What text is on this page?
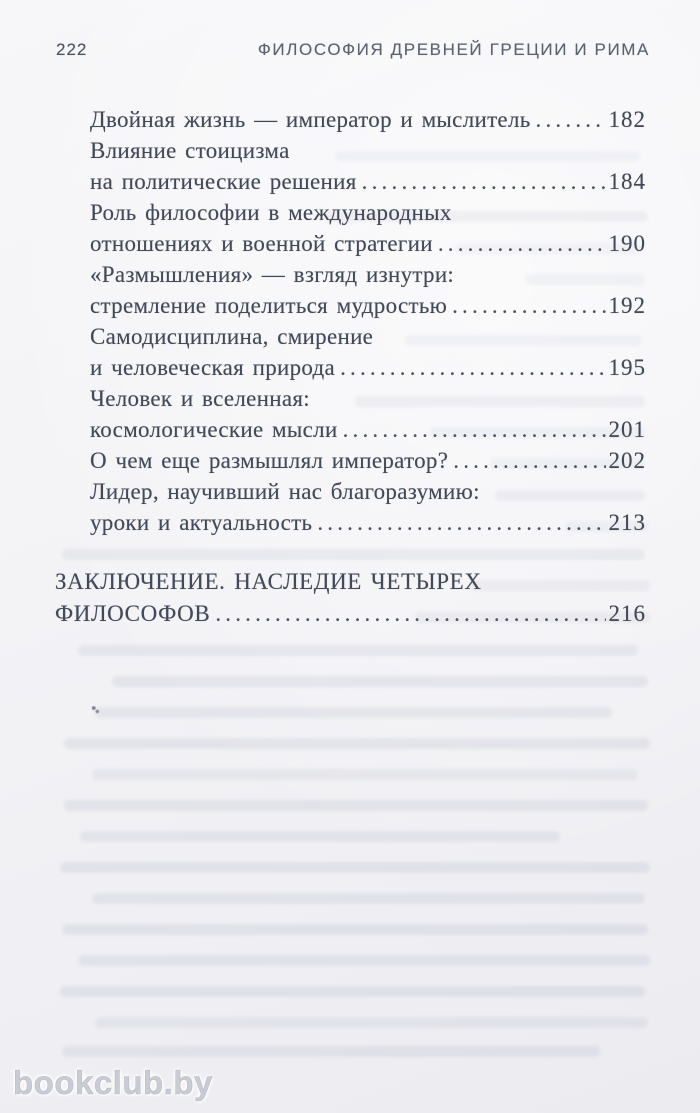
222	ФИЛОСОФИЯ ДРЕВНЕЙ ГРЕЦИИ И РИМА
Двойная жизнь — император и мыслитель .....	182
Влияние стоицизма
на политические решения .....	184
Роль философии в международных
отношениях и военной стратегии .....	190
«Размышления» — взгляд изнутри:
стремление поделиться мудростью .....	192
Самодисциплина, смирение
и человеческая природа .....	195
Человек и вселенная:
космологические мысли .....	201
О чем еще размышлял император? .....	202
Лидер, научивший нас благоразумию:
уроки и актуальность .....	213
ЗАКЛЮЧЕНИЕ. НАСЛЕДИЕ ЧЕТЫРЕХ
ФИЛОСОФОВ .....	216
bookclub.by
